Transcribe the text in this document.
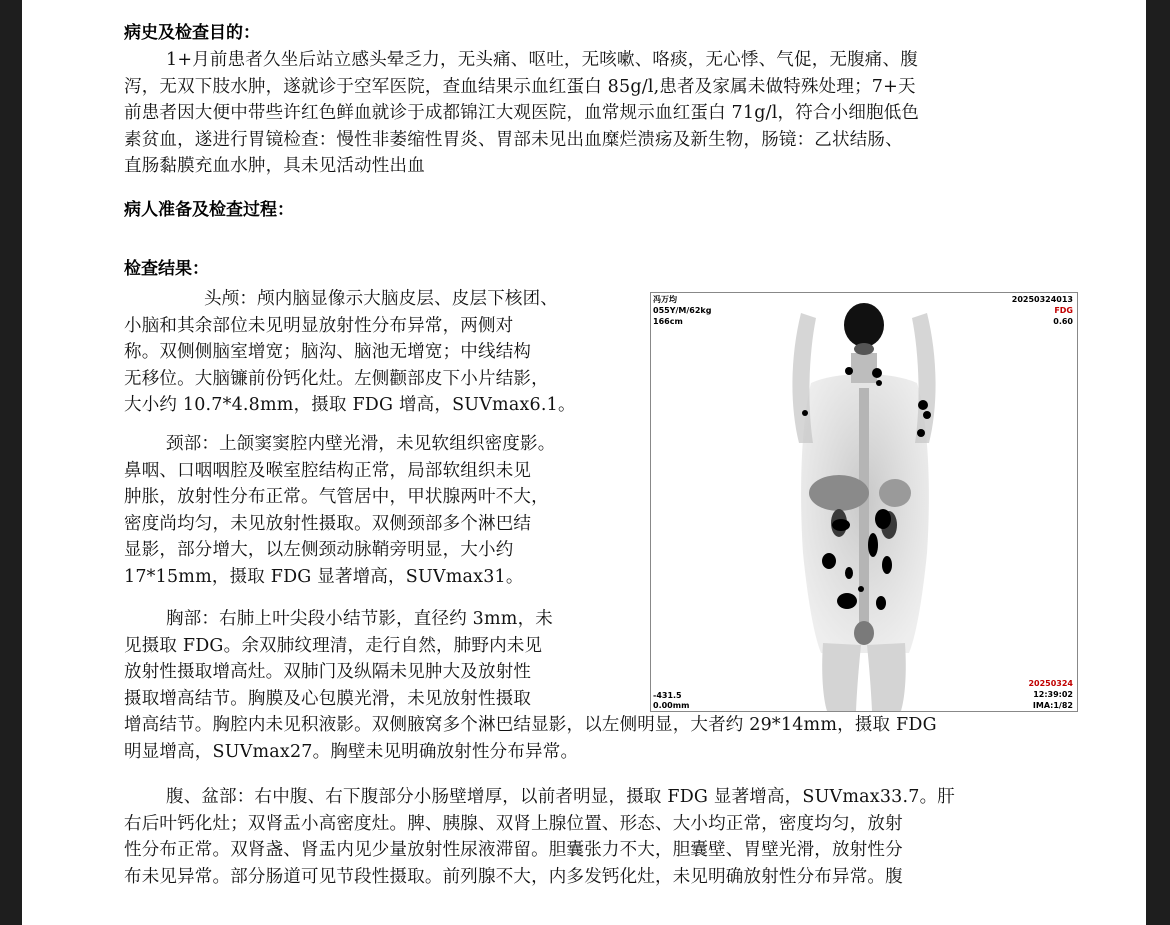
病史及检查目的：
1+月前患者久坐后站立感头晕乏力，无头痛、呕吐，无咳嗽、咯痰，无心悸、气促，无腹痛、腹
泻，无双下肢水肿，遂就诊于空军医院，查血结果示血红蛋白 85g/l,患者及家属未做特殊处理；7+天
前患者因大便中带些许红色鲜血就诊于成都锦江大观医院，血常规示血红蛋白 71g/l，符合小细胞低色
素贫血，遂进行胃镜检查：慢性非萎缩性胃炎、胃部未见出血糜烂溃疡及新生物，肠镜：乙状结肠、
直肠黏膜充血水肿，具未见活动性出血
病人准备及检查过程：
检查结果：
头颅：颅内脑显像示大脑皮层、皮层下核团、
小脑和其余部位未见明显放射性分布异常，两侧对
称。双侧侧脑室增宽；脑沟、脑池无增宽；中线结构
无移位。大脑镰前份钙化灶。左侧颧部皮下小片结影，
大小约 10.7*4.8mm，摄取 FDG 增高，SUVmax6.1。
颈部：上颌窦窦腔内壁光滑，未见软组织密度影。
鼻咽、口咽咽腔及喉室腔结构正常，局部软组织未见
肿胀，放射性分布正常。气管居中，甲状腺两叶不大，
密度尚均匀，未见放射性摄取。双侧颈部多个淋巴结
显影，部分增大，以左侧颈动脉鞘旁明显，大小约
17*15mm，摄取 FDG 显著增高，SUVmax31。
胸部：右肺上叶尖段小结节影，直径约 3mm，未
见摄取 FDG。余双肺纹理清，走行自然，肺野内未见
放射性摄取增高灶。双肺门及纵隔未见肿大及放射性
摄取增高结节。胸膜及心包膜光滑，未见放射性摄取
增高结节。胸腔内未见积液影。双侧腋窝多个淋巴结显影，以左侧明显，大者约 29*14mm，摄取 FDG
明显增高，SUVmax27。胸壁未见明确放射性分布异常。
腹、盆部：右中腹、右下腹部分小肠壁增厚，以前者明显，摄取 FDG 显著增高，SUVmax33.7。肝
右后叶钙化灶；双肾盂小高密度灶。脾、胰腺、双肾上腺位置、形态、大小均正常，密度均匀，放射
性分布正常。双肾盏、肾盂内见少量放射性尿液滞留。胆囊张力不大，胆囊壁、胃壁光滑，放射性分
布未见异常。部分肠道可见节段性摄取。前列腺不大，内多发钙化灶，未见明确放射性分布异常。腹
冯万均
055Y/M/62kg
166cm
20250324013
FDG
0.60
-431.5
0.00mm
20250324
12:39:02
IMA:1/82
